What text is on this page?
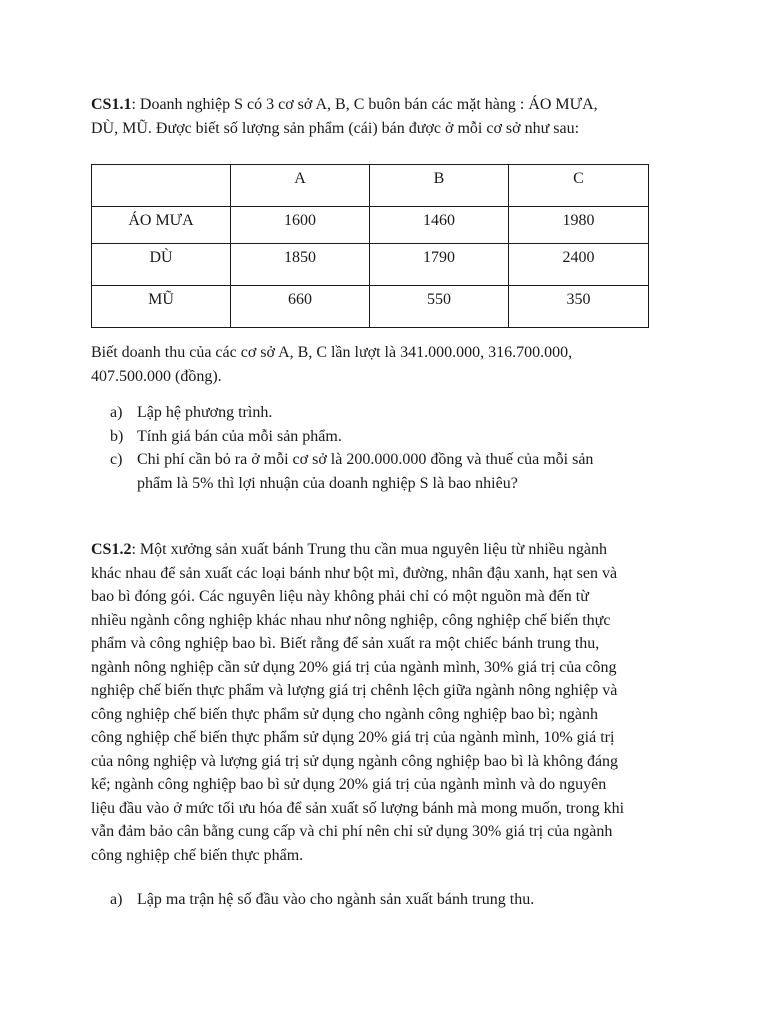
CS1.1: Doanh nghiệp S có 3 cơ sở A, B, C buôn bán các mặt hàng : ÁO MƯA,
DÙ, MŨ. Được biết số lượng sản phẩm (cái) bán được ở mỗi cơ sở như sau:

	A	B	C
ÁO MƯA	1600	1460	1980
DÙ	1850	1790	2400
MŨ	660	550	350

Biết doanh thu của các cơ sở A, B, C lần lượt là 341.000.000, 316.700.000,
407.500.000 (đồng).

a) Lập hệ phương trình.
b) Tính giá bán của mỗi sản phẩm.
c) Chi phí cần bỏ ra ở mỗi cơ sở là 200.000.000 đồng và thuế của mỗi sản
phẩm là 5% thì lợi nhuận của doanh nghiệp S là bao nhiêu?

CS1.2: Một xưởng sản xuất bánh Trung thu cần mua nguyên liệu từ nhiều ngành
khác nhau để sản xuất các loại bánh như bột mì, đường, nhân đậu xanh, hạt sen và
bao bì đóng gói. Các nguyên liệu này không phải chỉ có một nguồn mà đến từ
nhiều ngành công nghiệp khác nhau như nông nghiệp, công nghiệp chế biến thực
phẩm và công nghiệp bao bì. Biết rằng để sản xuất ra một chiếc bánh trung thu,
ngành nông nghiệp cần sử dụng 20% giá trị của ngành mình, 30% giá trị của công
nghiệp chế biến thực phẩm và lượng giá trị chênh lệch giữa ngành nông nghiệp và
công nghiệp chế biến thực phẩm sử dụng cho ngành công nghiệp bao bì; ngành
công nghiệp chế biến thực phẩm sử dụng 20% giá trị của ngành mình, 10% giá trị
của nông nghiệp và lượng giá trị sử dụng ngành công nghiệp bao bì là không đáng
kể; ngành công nghiệp bao bì sử dụng 20% giá trị của ngành mình và do nguyên
liệu đầu vào ở mức tối ưu hóa để sản xuất số lượng bánh mà mong muốn, trong khi
vẫn đảm bảo cân bằng cung cấp và chi phí nên chỉ sử dụng 30% giá trị của ngành
công nghiệp chế biến thực phẩm.

a) Lập ma trận hệ số đầu vào cho ngành sản xuất bánh trung thu.
